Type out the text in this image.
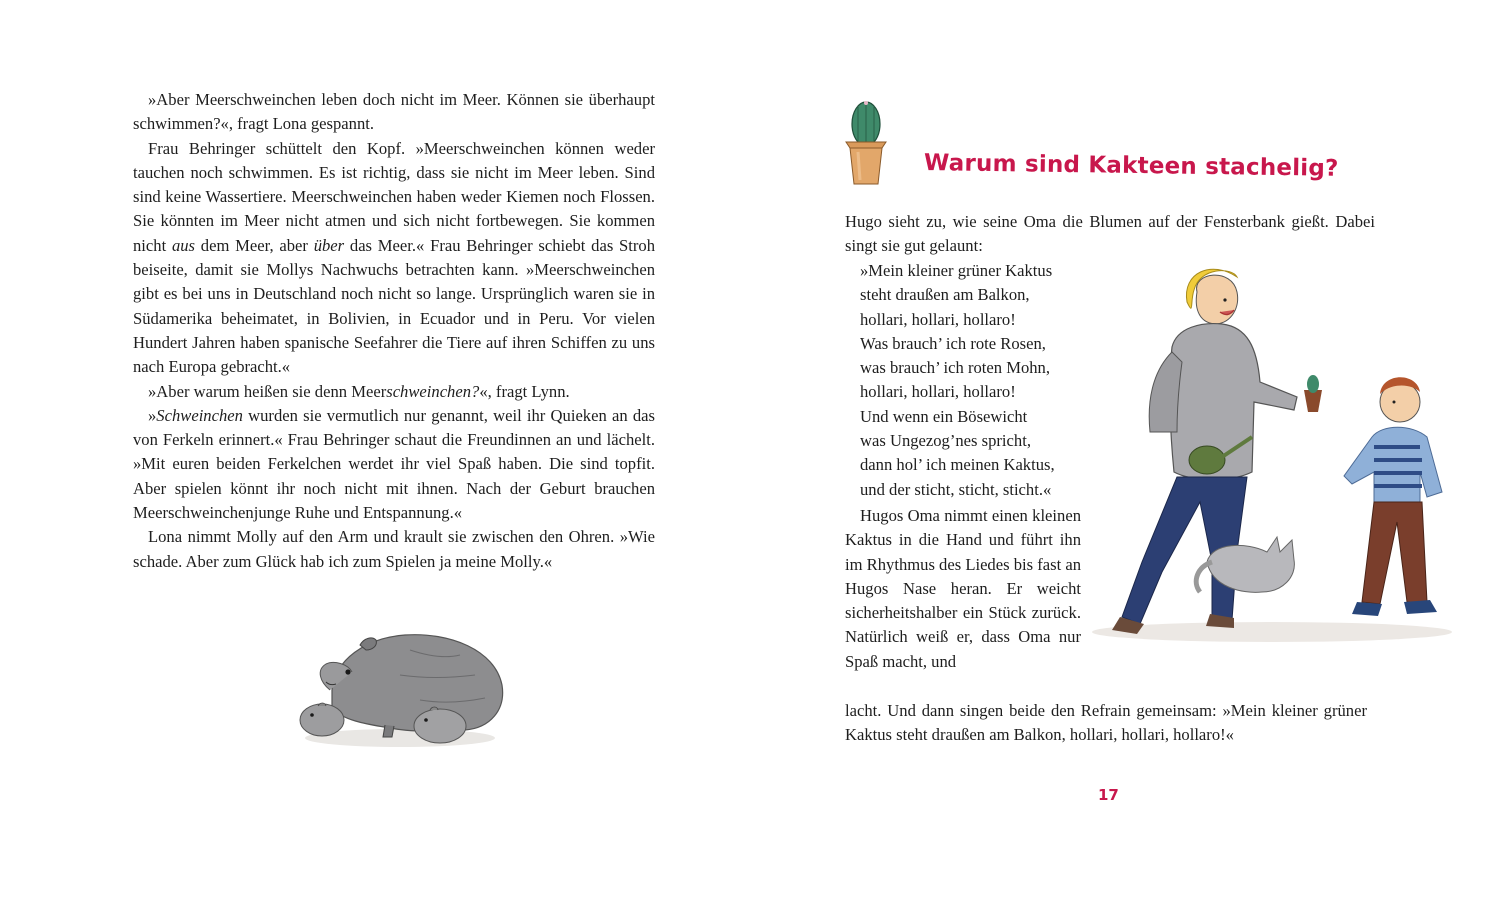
»Aber Meerschweinchen leben doch nicht im Meer. Können sie überhaupt schwimmen?«, fragt Lona gespannt.

Frau Behringer schüttelt den Kopf. »Meerschweinchen können weder tauchen noch schwimmen. Es ist richtig, dass sie nicht im Meer leben. Sind sind keine Wassertiere. Meerschweinchen haben weder Kiemen noch Flossen. Sie könnten im Meer nicht atmen und sich nicht fortbewegen. Sie kommen nicht aus dem Meer, aber über das Meer.« Frau Behringer schiebt das Stroh beiseite, damit sie Mollys Nachwuchs betrachten kann. »Meerschweinchen gibt es bei uns in Deutschland noch nicht so lange. Ursprünglich waren sie in Südamerika beheimatet, in Bolivien, in Ecuador und in Peru. Vor vielen Hundert Jahren haben spanische Seefahrer die Tiere auf ihren Schiffen zu uns nach Europa gebracht.«

»Aber warum heißen sie denn Meerschweinchen?«, fragt Lynn.

»Schweinchen wurden sie vermutlich nur genannt, weil ihr Quieken an das von Ferkeln erinnert.« Frau Behringer schaut die Freundinnen an und lächelt. »Mit euren beiden Ferkelchen werdet ihr viel Spaß haben. Die sind topfit. Aber spielen könnt ihr noch nicht mit ihnen. Nach der Geburt brauchen Meerschweinchenjunge Ruhe und Entspannung.«

Lona nimmt Molly auf den Arm und krault sie zwischen den Ohren. »Wie schade. Aber zum Glück hab ich zum Spielen ja meine Molly.«

Warum sind Kakteen stachelig?

Hugo sieht zu, wie seine Oma die Blumen auf der Fensterbank gießt. Dabei singt sie gut gelaunt:

»Mein kleiner grüner Kaktus
steht draußen am Balkon,
hollari, hollari, hollaro!
Was brauch’ ich rote Rosen,
was brauch’ ich roten Mohn,
hollari, hollari, hollaro!
Und wenn ein Bösewicht
was Ungezog’nes spricht,
dann hol’ ich meinen Kaktus,
und der sticht, sticht, sticht.«

Hugos Oma nimmt einen kleinen Kaktus in die Hand und führt ihn im Rhythmus des Liedes bis fast an Hugos Nase heran. Er weicht sicherheitshalber ein Stück zurück. Natürlich weiß er, dass Oma nur Spaß macht, und

lacht. Und dann singen beide den Refrain gemeinsam: »Mein kleiner grüner Kaktus steht draußen am Balkon, hollari, hollari, hollaro!«

17
